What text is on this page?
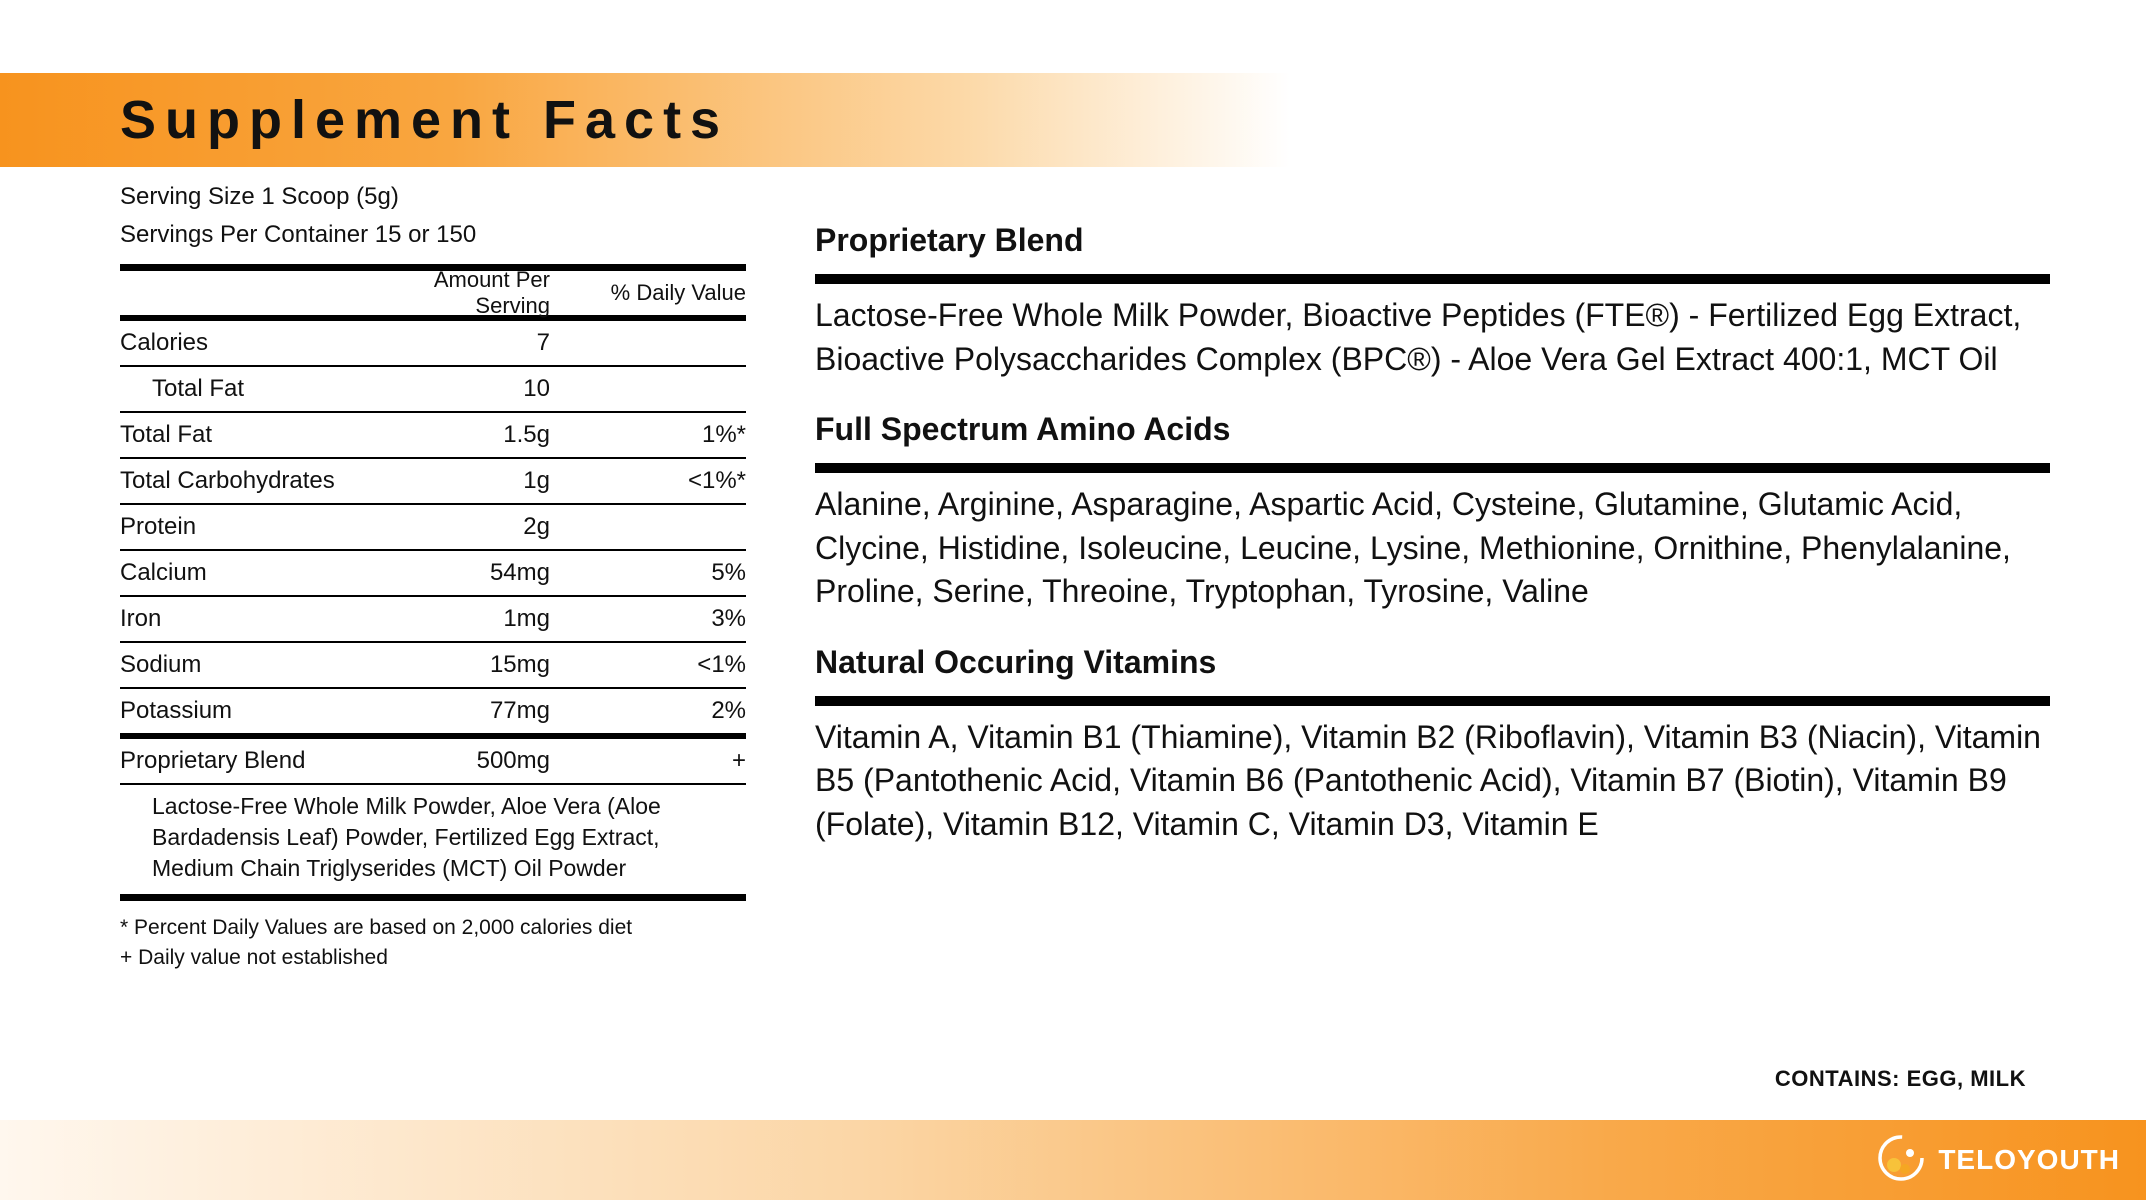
Supplement Facts
Serving Size 1 Scoop (5g)
Servings Per Container 15 or 150
Amount Per Serving
% Daily Value
Calories	7
Total Fat	10
Total Fat	1.5g	1%*
Total Carbohydrates	1g	<1%*
Protein	2g
Calcium	54mg	5%
Iron	1mg	3%
Sodium	15mg	<1%
Potassium	77mg	2%
Proprietary Blend	500mg	+
Lactose-Free Whole Milk Powder, Aloe Vera (Aloe Bardadensis Leaf) Powder, Fertilized Egg Extract, Medium Chain Triglyserides (MCT) Oil Powder
* Percent Daily Values are based on 2,000 calories diet
+ Daily value not established
Proprietary Blend
Lactose-Free Whole Milk Powder, Bioactive Peptides (FTE®) - Fertilized Egg Extract, Bioactive Polysaccharides Complex (BPC®) - Aloe Vera Gel Extract 400:1, MCT Oil
Full Spectrum Amino Acids
Alanine, Arginine, Asparagine, Aspartic Acid, Cysteine, Glutamine, Glutamic Acid, Clycine, Histidine, Isoleucine, Leucine, Lysine, Methionine, Ornithine, Phenylalanine, Proline, Serine, Threoine, Tryptophan, Tyrosine, Valine
Natural Occuring Vitamins
Vitamin A, Vitamin B1 (Thiamine), Vitamin B2 (Riboflavin), Vitamin B3 (Niacin), Vitamin B5 (Pantothenic Acid, Vitamin B6 (Pantothenic Acid), Vitamin B7 (Biotin), Vitamin B9 (Folate), Vitamin B12, Vitamin C, Vitamin D3, Vitamin E
CONTAINS: EGG, MILK
TELOYOUTH
